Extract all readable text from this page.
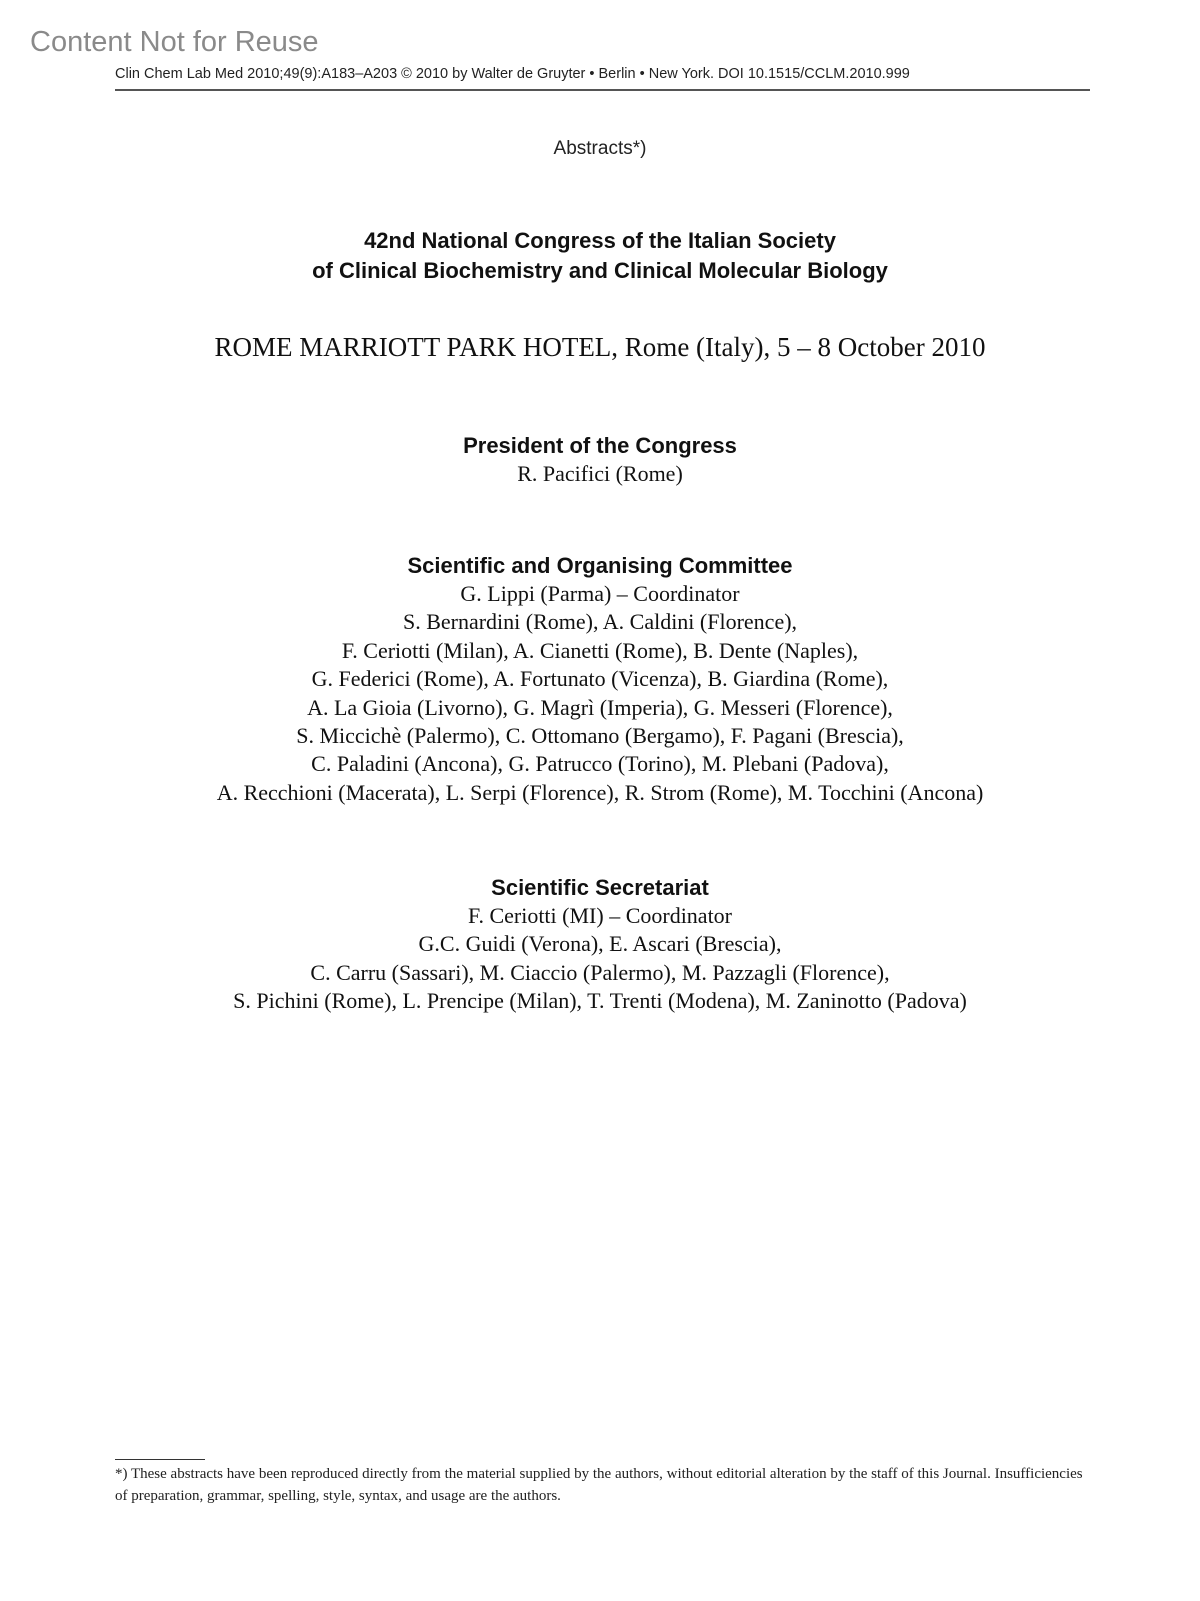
Content Not for Reuse
Clin Chem Lab Med 2010;49(9):A183–A203 © 2010 by Walter de Gruyter • Berlin • New York. DOI 10.1515/CCLM.2010.999
Abstracts*)
42nd National Congress of the Italian Society
of Clinical Biochemistry and Clinical Molecular Biology
ROME MARRIOTT PARK HOTEL, Rome (Italy), 5 – 8 October 2010
President of the Congress
R. Pacifici (Rome)
Scientific and Organising Committee
G. Lippi (Parma) – Coordinator
S. Bernardini (Rome), A. Caldini (Florence),
F. Ceriotti (Milan), A. Cianetti (Rome), B. Dente (Naples),
G. Federici (Rome), A. Fortunato (Vicenza), B. Giardina (Rome),
A. La Gioia (Livorno), G. Magrì (Imperia), G. Messeri (Florence),
S. Miccichè (Palermo), C. Ottomano (Bergamo), F. Pagani (Brescia),
C. Paladini (Ancona), G. Patrucco (Torino), M. Plebani (Padova),
A. Recchioni (Macerata), L. Serpi (Florence), R. Strom (Rome), M. Tocchini (Ancona)
Scientific Secretariat
F. Ceriotti (MI) – Coordinator
G.C. Guidi (Verona), E. Ascari (Brescia),
C. Carru (Sassari), M. Ciaccio (Palermo), M. Pazzagli (Florence),
S. Pichini (Rome), L. Prencipe (Milan), T. Trenti (Modena), M. Zaninotto (Padova)
*) These abstracts have been reproduced directly from the material supplied by the authors, without editorial alteration by the staff of this Journal. Insufficiencies of preparation, grammar, spelling, style, syntax, and usage are the authors.
